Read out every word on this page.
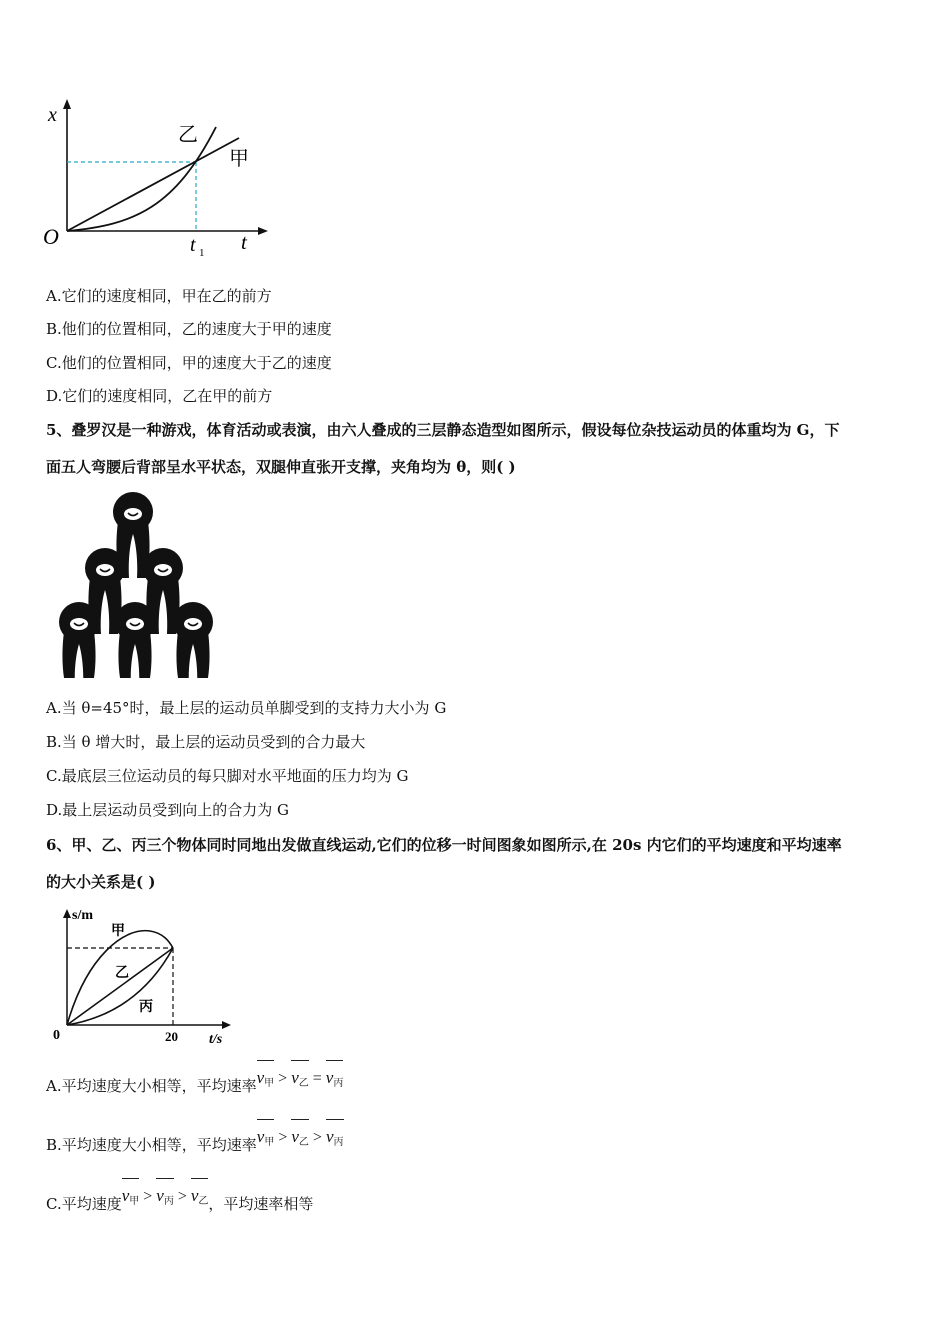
x
O	t
t 1
乙
甲
A.它们的速度相同，甲在乙的前方
B.他们的位置相同，乙的速度大于甲的速度
C.他们的位置相同，甲的速度大于乙的速度
D.它们的速度相同，乙在甲的前方
5、叠罗汉是一种游戏，体育活动或表演，由六人叠成的三层静态造型如图所示，假设每位杂技运动员的体重均为 G，下
面五人弯腰后背部呈水平状态，双腿伸直张开支撑，夹角均为 θ，则( )
A.当 θ=45°时，最上层的运动员单脚受到的支持力大小为 G
B.当 θ 增大时，最上层的运动员受到的合力最大
C.最底层三位运动员的每只脚对水平地面的压力均为 G
D.最上层运动员受到向上的合力为 G
6、甲、乙、丙三个物体同时同地出发做直线运动,它们的位移一时间图象如图所示,在 20s 内它们的平均速度和平均速率
的大小关系是( )
s/m
t/s
0	20
甲
乙
丙
A.平均速度大小相等，平均速率
v甲 > v乙 = v丙
B.平均速度大小相等，平均速率
v甲 > v乙 > v丙
C.平均速度
v甲 > v丙 > v乙，平均速率相等
